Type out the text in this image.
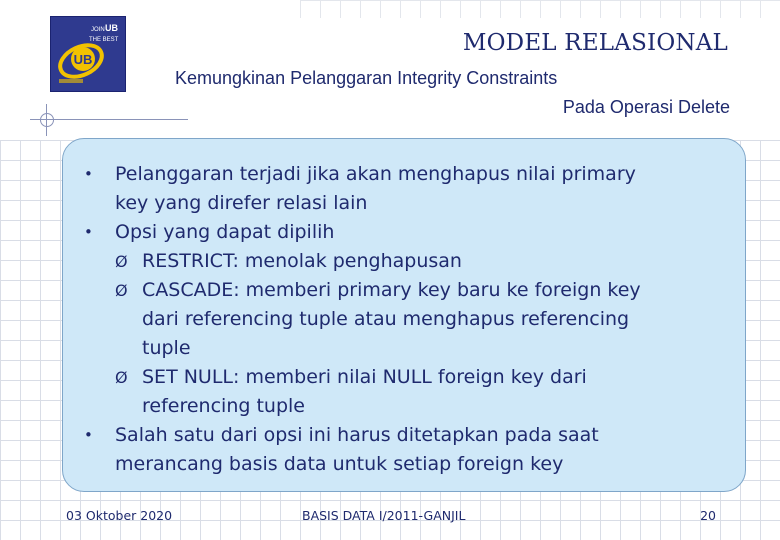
UB
JOIN UB
THE BEST	MODEL RELASIONAL
Kemungkinan Pelanggaran Integrity Constraints
Pada Operasi Delete
• Pelanggaran terjadi jika akan menghapus nilai primary
key yang direfer relasi lain
• Opsi yang dapat dipilih
Ø RESTRICT: menolak penghapusan
Ø CASCADE: memberi primary key baru ke foreign key
dari referencing tuple atau menghapus referencing
tuple
Ø SET NULL: memberi nilai NULL foreign key dari
referencing tuple
• Salah satu dari opsi ini harus ditetapkan pada saat
merancang basis data untuk setiap foreign key
03 Oktober 2020	BASIS DATA I/2011-GANJIL	20
